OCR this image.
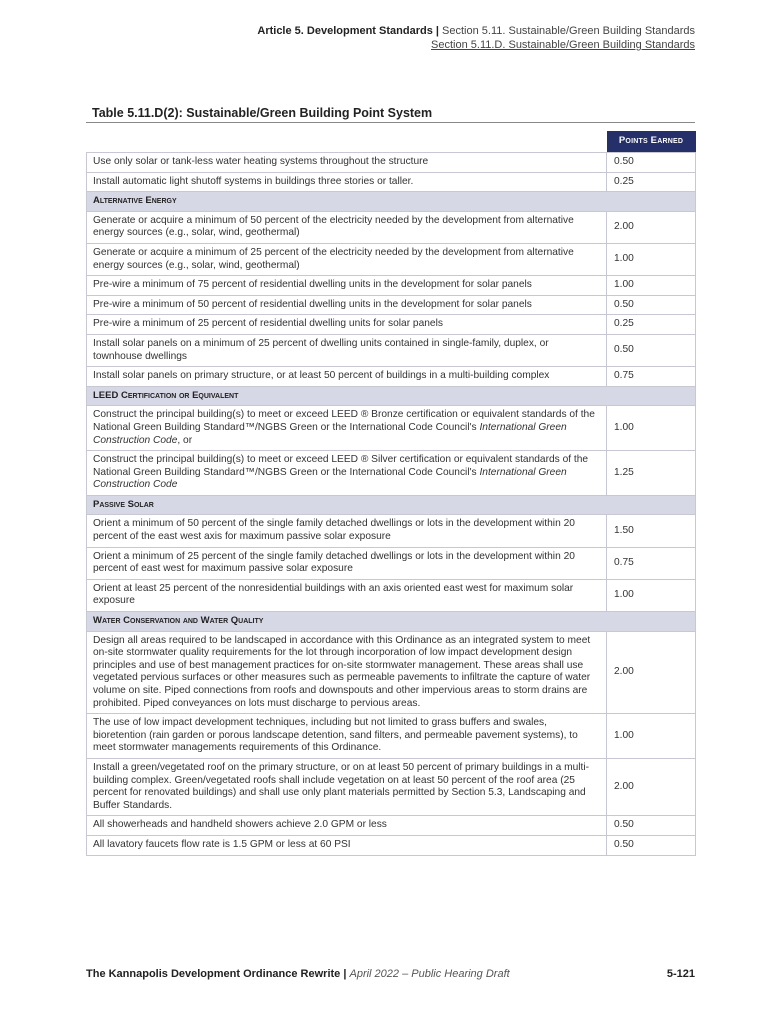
Article 5. Development Standards | Section 5.11. Sustainable/Green Building Standards
Section 5.11.D. Sustainable/Green Building Standards
Table 5.11.D(2): Sustainable/Green Building Point System
	Points Earned
Use only solar or tank-less water heating systems throughout the structure	0.50
Install automatic light shutoff systems in buildings three stories or taller.	0.25
Alternative Energy	
Generate or acquire a minimum of 50 percent of the electricity needed by the development from alternative energy sources (e.g., solar, wind, geothermal)	2.00
Generate or acquire a minimum of 25 percent of the electricity needed by the development from alternative energy sources (e.g., solar, wind, geothermal)	1.00
Pre-wire a minimum of 75 percent of residential dwelling units in the development for solar panels	1.00
Pre-wire a minimum of 50 percent of residential dwelling units in the development for solar panels	0.50
Pre-wire a minimum of 25 percent of residential dwelling units for solar panels	0.25
Install solar panels on a minimum of 25 percent of dwelling units contained in single-family, duplex, or townhouse dwellings	0.50
Install solar panels on primary structure, or at least 50 percent of buildings in a multi-building complex	0.75
LEED Certification or Equivalent	
Construct the principal building(s) to meet or exceed LEED ® Bronze certification or equivalent standards of the National Green Building Standard™/NGBS Green or the International Code Council's International Green Construction Code, or	1.00
Construct the principal building(s) to meet or exceed LEED ® Silver certification or equivalent standards of the National Green Building Standard™/NGBS Green or the International Code Council's International Green Construction Code	1.25
Passive Solar	
Orient a minimum of 50 percent of the single family detached dwellings or lots in the development within 20 percent of the east west axis for maximum passive solar exposure	1.50
Orient a minimum of 25 percent of the single family detached dwellings or lots in the development within 20 percent of east west for maximum passive solar exposure	0.75
Orient at least 25 percent of the nonresidential buildings with an axis oriented east west for maximum solar exposure	1.00
Water Conservation and Water Quality	
Design all areas required to be landscaped in accordance with this Ordinance as an integrated system to meet on-site stormwater quality requirements for the lot through incorporation of low impact development design principles and use of best management practices for on-site stormwater management. These areas shall use vegetated pervious surfaces or other measures such as permeable pavements to infiltrate the capture of water volume on site. Piped connections from roofs and downspouts and other impervious areas to storm drains are prohibited. Piped conveyances on lots must discharge to pervious areas.	2.00
The use of low impact development techniques, including but not limited to grass buffers and swales, bioretention (rain garden or porous landscape detention, sand filters, and permeable pavement systems), to meet stormwater managements requirements of this Ordinance.	1.00
Install a green/vegetated roof on the primary structure, or on at least 50 percent of primary buildings in a multi-building complex. Green/vegetated roofs shall include vegetation on at least 50 percent of the roof area (25 percent for renovated buildings) and shall use only plant materials permitted by Section 5.3, Landscaping and Buffer Standards.	2.00
All showerheads and handheld showers achieve 2.0 GPM or less	0.50
All lavatory faucets flow rate is 1.5 GPM or less at 60 PSI	0.50
The Kannapolis Development Ordinance Rewrite | April 2022 – Public Hearing Draft	5-121
